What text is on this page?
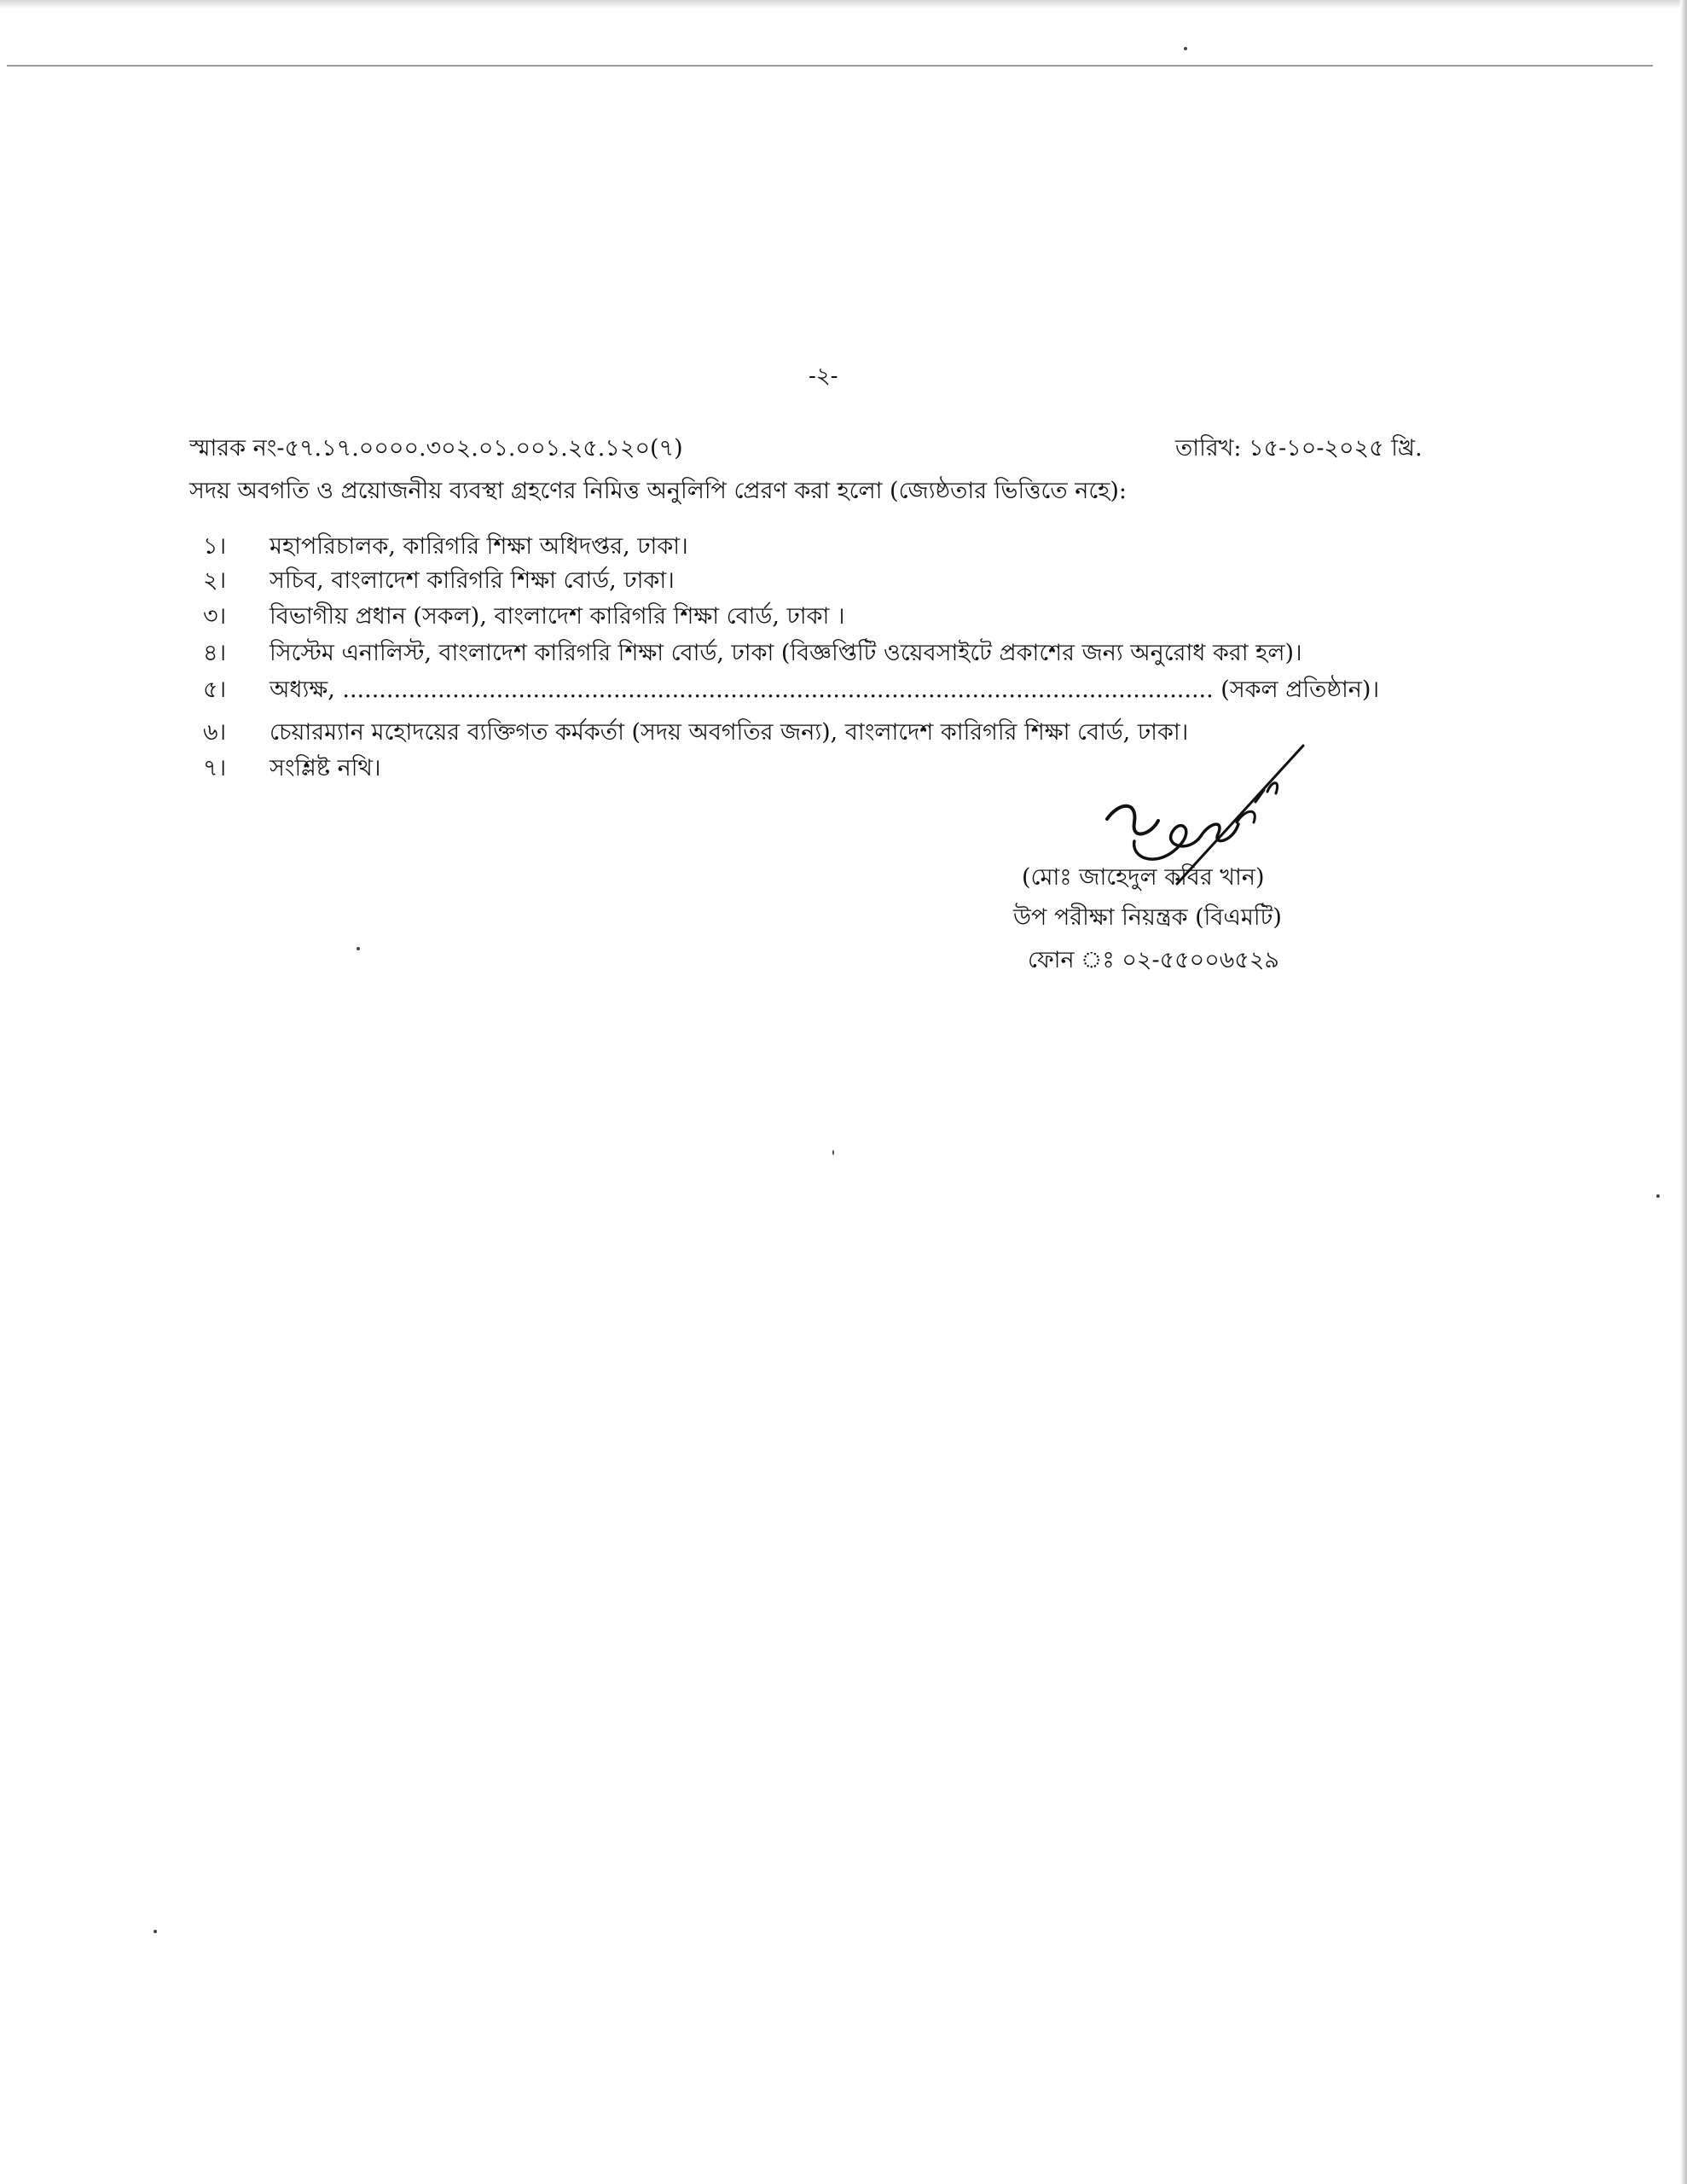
-২-
স্মারক নং-৫৭.১৭.০০০০.৩০২.০১.০০১.২৫.১২০(৭)	তারিখ: ১৫-১০-২০২৫ খ্রি.
সদয় অবগতি ও প্রয়োজনীয় ব্যবস্থা গ্রহণের নিমিত্ত অনুলিপি প্রেরণ করা হলো (জ্যেষ্ঠতার ভিত্তিতে নহে):
১। মহাপরিচালক, কারিগরি শিক্ষা অধিদপ্তর, ঢাকা।
২। সচিব, বাংলাদেশ কারিগরি শিক্ষা বোর্ড, ঢাকা।
৩। বিভাগীয় প্রধান (সকল), বাংলাদেশ কারিগরি শিক্ষা বোর্ড, ঢাকা ।
৪। সিস্টেম এনালিস্ট, বাংলাদেশ কারিগরি শিক্ষা বোর্ড, ঢাকা (বিজ্ঞপ্তিটি ওয়েবসাইটে প্রকাশের জন্য অনুরোধ করা হল)।
৫। অধ্যক্ষ, ....................................................................................................................... (সকল প্রতিষ্ঠান)।
৬। চেয়ারম্যান মহোদয়ের ব্যক্তিগত কর্মকর্তা (সদয় অবগতির জন্য), বাংলাদেশ কারিগরি শিক্ষা বোর্ড, ঢাকা।
৭। সংশ্লিষ্ট নথি।
(মোঃ জাহেদুল কবির খান)
উপ পরীক্ষা নিয়ন্ত্রক (বিএমটি)
ফোন ঃ ০২-৫৫০০৬৫২৯
